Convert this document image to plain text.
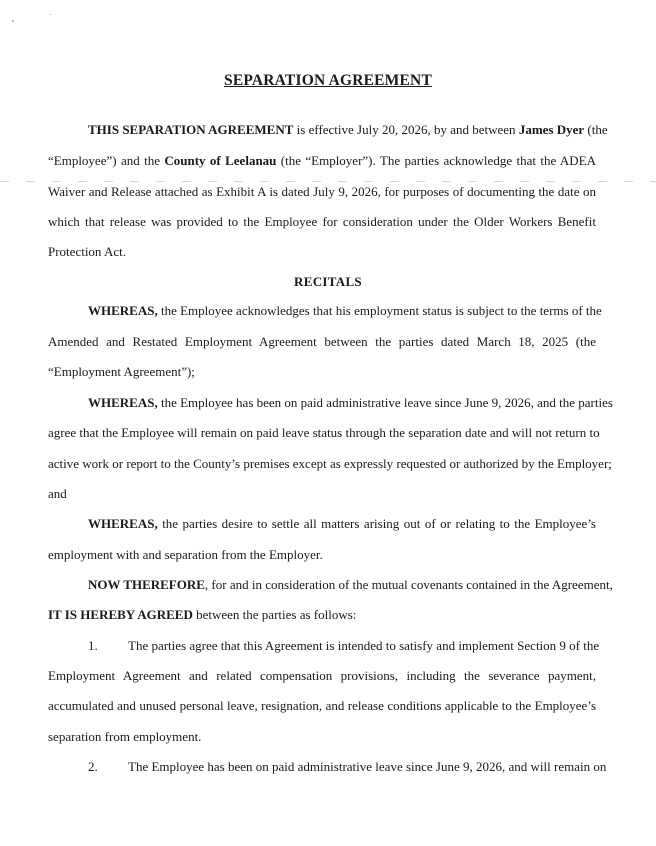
SEPARATION AGREEMENT
THIS SEPARATION AGREEMENT is effective July 20, 2026, by and between James Dyer (the
“Employee”) and the County of Leelanau (the “Employer”). The parties acknowledge that the ADEA
Waiver and Release attached as Exhibit A is dated July 9, 2026, for purposes of documenting the date on
which that release was provided to the Employee for consideration under the Older Workers Benefit
Protection Act.
RECITALS
WHEREAS, the Employee acknowledges that his employment status is subject to the terms of the
Amended and Restated Employment Agreement between the parties dated March 18, 2025 (the
“Employment Agreement”);
WHEREAS, the Employee has been on paid administrative leave since June 9, 2026, and the parties
agree that the Employee will remain on paid leave status through the separation date and will not return to
active work or report to the County’s premises except as expressly requested or authorized by the Employer;
and
WHEREAS, the parties desire to settle all matters arising out of or relating to the Employee’s
employment with and separation from the Employer.
NOW THEREFORE, for and in consideration of the mutual covenants contained in the Agreement,
IT IS HEREBY AGREED between the parties as follows:
1. The parties agree that this Agreement is intended to satisfy and implement Section 9 of the
Employment Agreement and related compensation provisions, including the severance payment,
accumulated and unused personal leave, resignation, and release conditions applicable to the Employee’s
separation from employment.
2. The Employee has been on paid administrative leave since June 9, 2026, and will remain on
